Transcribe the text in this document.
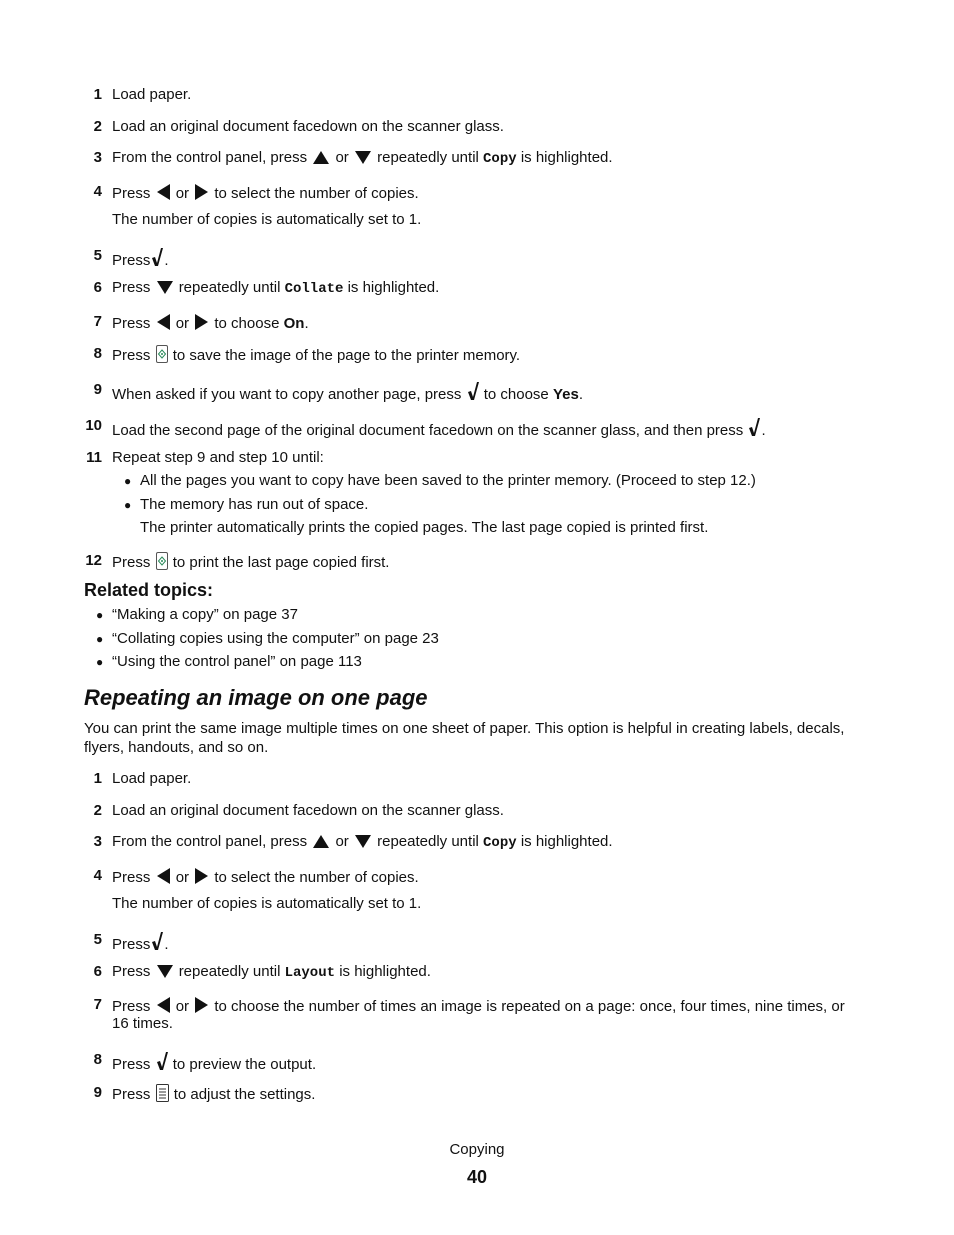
1 Load paper.
2 Load an original document facedown on the scanner glass.
3 From the control panel, press or repeatedly until Copy is highlighted.
4 Press or to select the number of copies.
The number of copies is automatically set to 1.
5 Press .
6 Press repeatedly until Collate is highlighted.
7 Press or to choose On.
8 Press to save the image of the page to the printer memory.
9 When asked if you want to copy another page, press to choose Yes.
10 Load the second page of the original document facedown on the scanner glass, and then press .
11 Repeat step 9 and step 10 until:
● All the pages you want to copy have been saved to the printer memory. (Proceed to step 12.)
● The memory has run out of space.
The printer automatically prints the copied pages. The last page copied is printed first.
12 Press to print the last page copied first.
Related topics:
● “Making a copy” on page 37
● “Collating copies using the computer” on page 23
● “Using the control panel” on page 113
Repeating an image on one page
You can print the same image multiple times on one sheet of paper. This option is helpful in creating labels, decals,
flyers, handouts, and so on.
1 Load paper.
2 Load an original document facedown on the scanner glass.
3 From the control panel, press or repeatedly until Copy is highlighted.
4 Press or to select the number of copies.
The number of copies is automatically set to 1.
5 Press .
6 Press repeatedly until Layout is highlighted.
7 Press or to choose the number of times an image is repeated on a page: once, four times, nine times, or
16 times.
8 Press to preview the output.
9 Press to adjust the settings.
Copying
40
